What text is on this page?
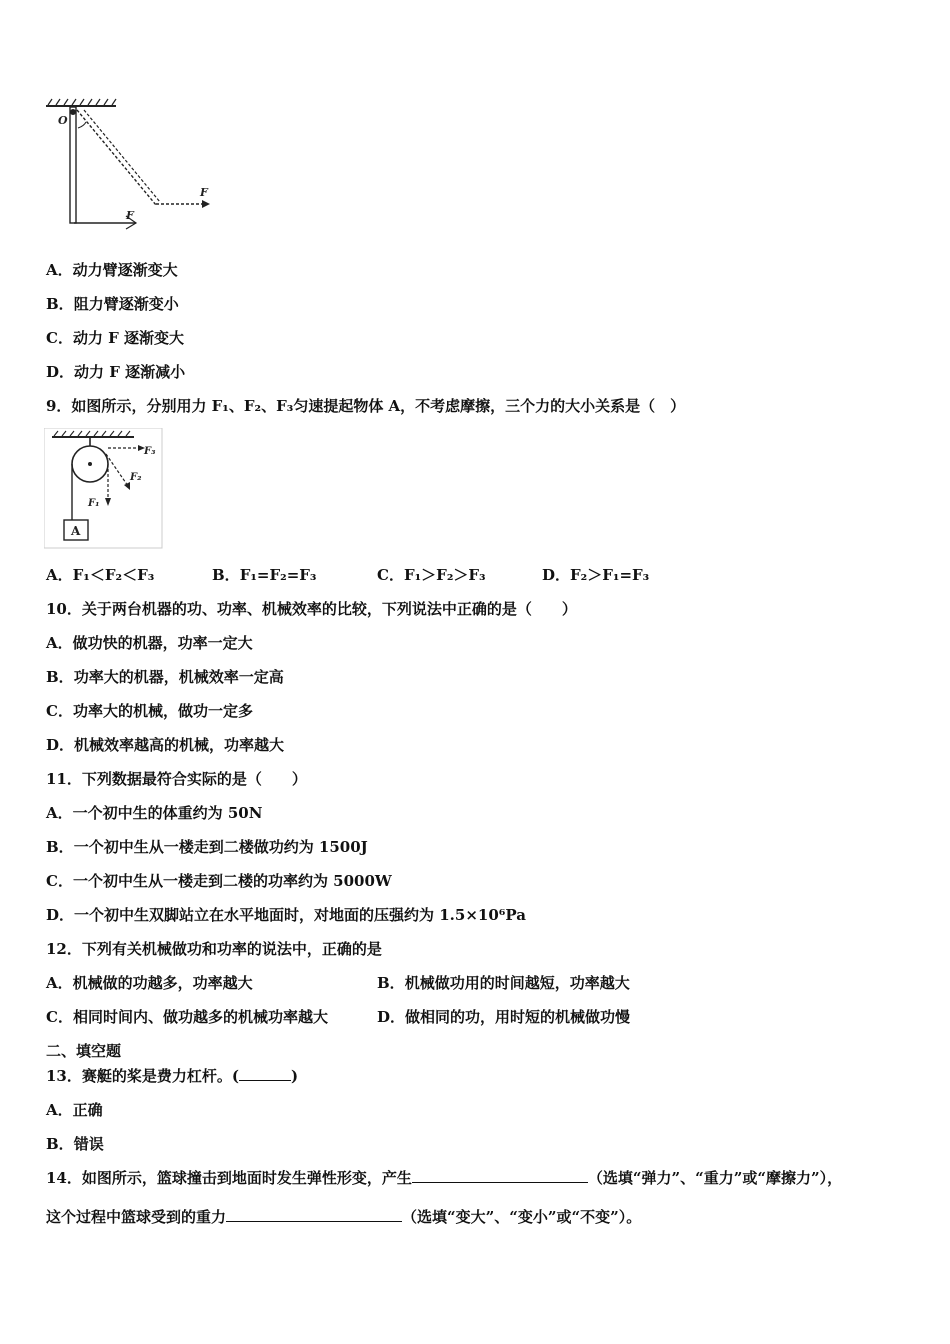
O
F
F
A．动力臂逐渐变大
B．阻力臂逐渐变小
C．动力 F 逐渐变大
D．动力 F 逐渐减小
9．如图所示，分别用力 F₁、F₂、F₃匀速提起物体 A，不考虑摩擦，三个力的大小关系是（　）
F₃
F₂
F₁
A
A．F₁＜F₂＜F₃	B．F₁=F₂=F₃	C．F₁＞F₂＞F₃	D．F₂＞F₁=F₃
10．关于两台机器的功、功率、机械效率的比较，下列说法中正确的是（　　）
A．做功快的机器，功率一定大
B．功率大的机器，机械效率一定高
C．功率大的机械，做功一定多
D．机械效率越高的机械，功率越大
11．下列数据最符合实际的是（　　）
A．一个初中生的体重约为 50N
B．一个初中生从一楼走到二楼做功约为 1500J
C．一个初中生从一楼走到二楼的功率约为 5000W
D．一个初中生双脚站立在水平地面时，对地面的压强约为 1.5×10⁶Pa
12．下列有关机械做功和功率的说法中，正确的是
A．机械做的功越多，功率越大	B．机械做功用的时间越短，功率越大
C．相同时间内、做功越多的机械功率越大	D．做相同的功，用时短的机械做功慢
二、填空题
13．赛艇的桨是费力杠杆。(	)
A．正确
B．错误
14．如图所示，篮球撞击到地面时发生弹性形变，产生	（选填“弹力”、“重力”或“摩擦力”），
这个过程中篮球受到的重力	（选填“变大”、“变小”或“不变”）。
